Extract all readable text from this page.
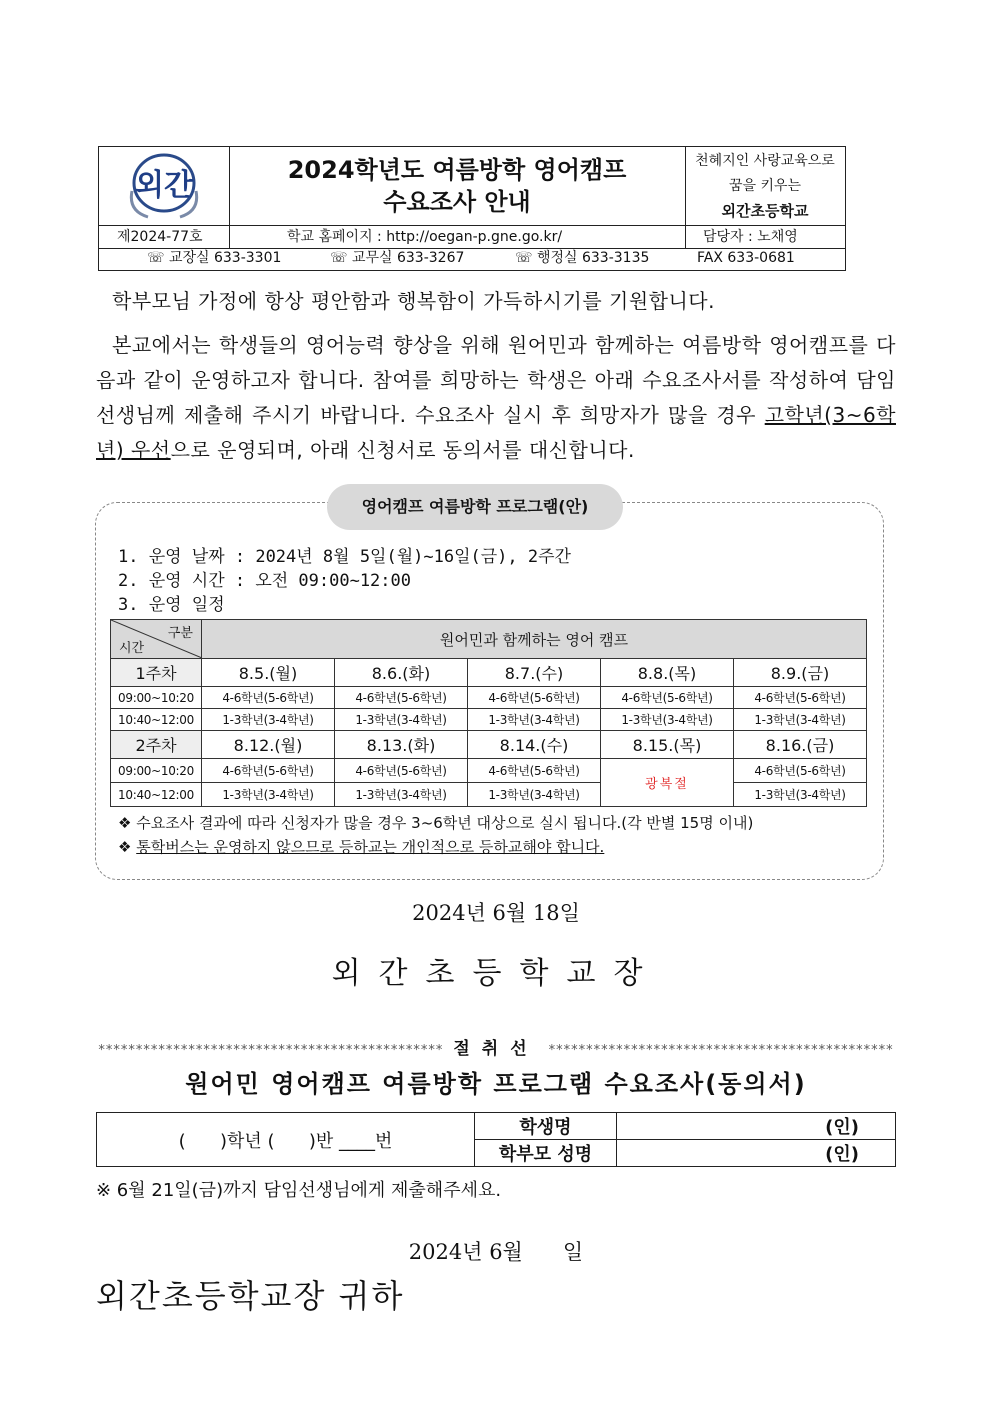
외간	2024학년도 여름방학 영어캠프
수요조사 안내
천혜지인 사랑교육으로
꿈을 키우는
외간초등학교
제2024-77호	학교 홈페이지 : http://oegan-p.gne.go.kr/	담당자 : 노채영
☏ 교장실 633-3301	☏ 교무실 633-3267	☏ 행정실 633-3135	FAX 633-0681
학부모님 가정에 항상 평안함과 행복함이 가득하시기를 기원합니다.
본교에서는 학생들의 영어능력 향상을 위해 원어민과 함께하는 여름방학 영어캠프를 다음과 같이 운영하고자 합니다. 참여를 희망하는 학생은 아래 수요조사서를 작성하여 담임선생님께 제출해 주시기 바랍니다. 수요조사 실시 후 희망자가 많을 경우 고학년(3~6학년) 우선으로 운영되며, 아래 신청서로 동의서를 대신합니다.
영어캠프 여름방학 프로그램(안)
1. 운영 날짜 : 2024년 8월 5일(월)~16일(금), 2주간
2. 운영 시간 : 오전 09:00~12:00
3. 운영 일정
구분
시간	원어민과 함께하는 영어 캠프				
1주차	8.5.(월)	8.6.(화)	8.7.(수)	8.8.(목)	8.9.(금)
09:00~10:20	4-6학년(5-6학년)	4-6학년(5-6학년)	4-6학년(5-6학년)	4-6학년(5-6학년)	4-6학년(5-6학년)
10:40~12:00	1-3학년(3-4학년)	1-3학년(3-4학년)	1-3학년(3-4학년)	1-3학년(3-4학년)	1-3학년(3-4학년)
2주차	8.12.(월)	8.13.(화)	8.14.(수)	8.15.(목)	8.16.(금)
09:00~10:20	4-6학년(5-6학년)	4-6학년(5-6학년)	4-6학년(5-6학년)	광복절	4-6학년(5-6학년)
10:40~12:00	1-3학년(3-4학년)	1-3학년(3-4학년)	1-3학년(3-4학년)		1-3학년(3-4학년)
❖ 수요조사 결과에 따라 신청자가 많을 경우 3~6학년 대상으로 실시 됩니다.(각 반별 15명 이내)
❖ 통학버스는 운영하지 않으므로 등하교는 개인적으로 등하교해야 합니다.
2024년 6월 18일
외간초등학교장
********************************************** 절취선 **********************************************
원어민 영어캠프 여름방학 프로그램 수요조사(동의서)
(      )학년 (      )반 ____번	학생명	(인)
	학부모 성명	(인)
※ 6월 21일(금)까지 담임선생님에게 제출해주세요.
2024년 6월      일
외간초등학교장 귀하
